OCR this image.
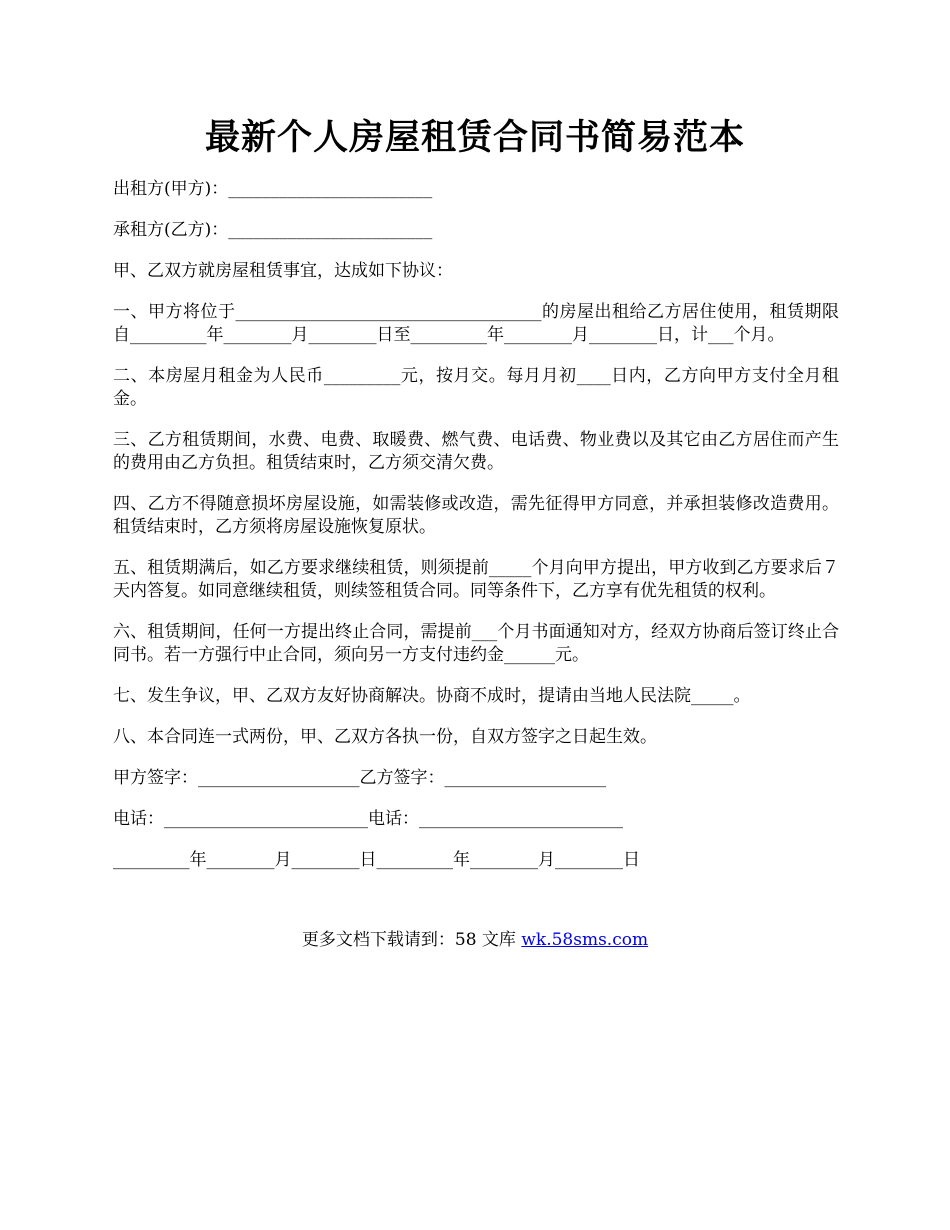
最新个人房屋租赁合同书简易范本

出租方(甲方)：________________________

承租方(乙方)：________________________

甲、乙双方就房屋租赁事宜，达成如下协议：

一、甲方将位于____________________________________的房屋出租给乙方居住使用，租赁期限自_________年________月________日至_________年________月________日，计___个月。

二、本房屋月租金为人民币_________元，按月交。每月月初____日内，乙方向甲方支付全月租金。

三、乙方租赁期间，水费、电费、取暖费、燃气费、电话费、物业费以及其它由乙方居住而产生的费用由乙方负担。租赁结束时，乙方须交清欠费。

四、乙方不得随意损坏房屋设施，如需装修或改造，需先征得甲方同意，并承担装修改造费用。租赁结束时，乙方须将房屋设施恢复原状。

五、租赁期满后，如乙方要求继续租赁，则须提前_____个月向甲方提出，甲方收到乙方要求后７天内答复。如同意继续租赁，则续签租赁合同。同等条件下，乙方享有优先租赁的权利。

六、租赁期间，任何一方提出终止合同，需提前___个月书面通知对方，经双方协商后签订终止合同书。若一方强行中止合同，须向另一方支付违约金______元。

七、发生争议，甲、乙双方友好协商解决。协商不成时，提请由当地人民法院_____。

八、本合同连一式两份，甲、乙双方各执一份，自双方签字之日起生效。

甲方签字：___________________乙方签字：___________________

电话：________________________电话：________________________

_________年________月________日_________年________月________日

更多文档下载请到：58 文库 wk.58sms.com
